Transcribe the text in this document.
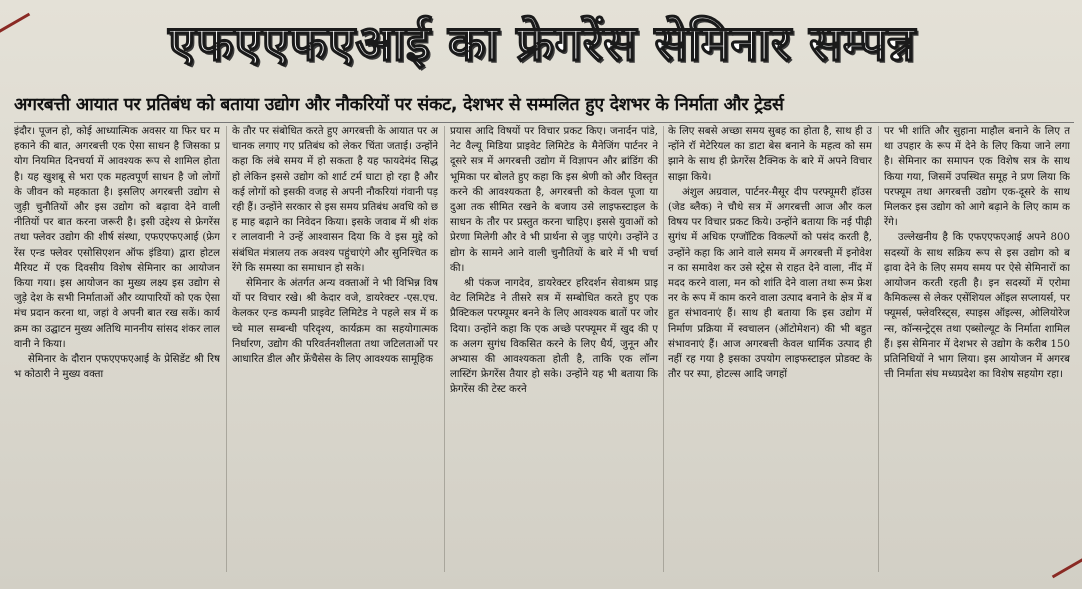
एफएएफएआई का फ्रेगरेंस सेमिनार सम्पन्न
अगरबत्ती आयात पर प्रतिबंध को बताया उद्योग और नौकरियों पर संकट, देशभर से सम्मलित हुए देशभर के निर्माता और ट्रेडर्स

इंदौर। पूजन हो, कोई आध्यात्मिक अवसर या फिर घर महकाने की बात, अगरबत्ती एक ऐसा साधन है जिसका प्रयोग नियमित दिनचर्या में आवश्यक रूप से शामिल होता है। यह खुशबू से भरा एक महत्वपूर्ण साधन है जो लोगों के जीवन को महकाता है। इसलिए अगरबत्ती उद्योग से जुड़ी चुनौतियों और इस उद्योग को बढ़ावा देने वाली नीतियों पर बात करना जरूरी है। इसी उद्देश्य से फ्रेगरेंस तथा फ्लेवर उद्योग की शीर्ष संस्था, एफएएफएआई (फ्रेगरेंस एन्ड फ्लेवर एसोसिएशन ऑफ इंडिया) द्वारा होटल मैरियट में एक दिवसीय विशेष सेमिनार का आयोजन किया गया। इस आयोजन का मुख्य लक्ष्य इस उद्योग से जुड़े देश के सभी निर्माताओं और व्यापारियों को एक ऐसा मंच प्रदान करना था, जहां वे अपनी बात रख सकें। कार्यक्रम का उद्घाटन मुख्य अतिथि माननीय सांसद शंकर लालवानी ने किया।

सेमिनार के दौरान एफएएफएआई के प्रेसिडेंट श्री रिषभ कोठारी ने मुख्य वक्ता

के तौर पर संबोधित करते हुए अगरबत्ती के आयात पर अचानक लगाए गए प्रतिबंध को लेकर चिंता जताई। उन्होंने कहा कि लंबे समय में हो सकता है यह फायदेमंद सिद्ध हो लेकिन इससे उद्योग को शार्ट टर्म घाटा हो रहा है और कई लोगों को इसकी वजह से अपनी नौकरियां गंवानी पड़ रही हैं। उन्होंने सरकार से इस समय प्रतिबंध अवधि को छह माह बढ़ाने का निवेदन किया। इसके जवाब में श्री शंकर लालवानी ने उन्हें आश्वासन दिया कि वे इस मुद्दे को संबंधित मंत्रालय तक अवश्य पहुंचाएंगे और सुनिश्चित करेंगे कि समस्या का समाधान हो सके।

सेमिनार के अंतर्गत अन्य वक्ताओं ने भी विभिन्न विषयों पर विचार रखे। श्री केदार वजे, डायरेक्टर -एस.एच. केलकर एन्ड कम्पनी प्राइवेट लिमिटेड ने पहले सत्र में कच्चे माल सम्बन्धी परिदृश्य, कार्यक्रम का सहयोगात्मक निर्धारण, उद्योग की परिवर्तनशीलता तथा जटिलताओं पर आधारित डील और फ्रेंचैसेस के लिए आवश्यक सामूहिक

प्रयास आदि विषयों पर विचार प्रकट किए। जनार्दन पांडे, नेट वैल्यू मिडिया प्राइवेट लिमिटेड के मैनेजिंग पार्टनर ने दूसरे सत्र में अगरबत्ती उद्योग में विज्ञापन और ब्रांडिंग की भूमिका पर बोलते हुए कहा कि इस श्रेणी को और विस्तृत करने की आवश्यकता है, अगरबत्ती को केवल पूजा या दुआ तक सीमित रखने के बजाय उसे लाइफस्टाइल के साधन के तौर पर प्रस्तुत करना चाहिए। इससे युवाओं को प्रेरणा मिलेगी और वे भी प्रार्थना से जुड़ पाएंगे। उन्होंने उद्योग के सामने आने वाली चुनौतियों के बारे में भी चर्चा की।

श्री पंकज नागदेव, डायरेक्टर हरिदर्शन सेवाश्रम प्राइवेट लिमिटेड ने तीसरे सत्र में सम्बोधित करते हुए एक प्रैक्टिकल परफ्यूमर बनने के लिए आवश्यक बातों पर जोर दिया। उन्होंने कहा कि एक अच्छे परफ्यूमर में खुद की एक अलग सुगंध विकसित करने के लिए धैर्य, जुनून और अभ्यास की आवश्यकता होती है, ताकि एक लॉन्ग लास्टिंग फ्रेगरेंस तैयार हो सके। उन्होंने यह भी बताया कि फ्रेगरेंस की टेस्ट करने

के लिए सबसे अच्छा समय सुबह का होता है, साथ ही उन्होंने रॉ मेटेरियल का डाटा बेस बनाने के महत्व को समझाने के साथ ही फ्रेगरेंस टैक्निक के बारे में अपने विचार साझा किये।

अंशुल अग्रवाल, पार्टनर-मैसूर दीप परफ्यूमरी हॉउस (जेड ब्लैक) ने चौथे सत्र में अगरबत्ती आज और कल विषय पर विचार प्रकट किये। उन्होंने बताया कि नई पीढ़ी सुगंध में अधिक एग्जॉटिक विकल्पों को पसंद करती है, उन्होंने कहा कि आने वाले समय में अगरबत्ती में इनोवेशन का समावेश कर उसे स्ट्रेस से राहत देने वाला, नींद में मदद करने वाला, मन को शांति देने वाला तथा रूम फ्रेशनर के रूप में काम करने वाला उत्पाद बनाने के क्षेत्र में बहुत संभावनाएं हैं। साथ ही बताया कि इस उद्योग में निर्माण प्रक्रिया में स्वचालन (ऑटोमेशन) की भी बहुत संभावनाएं हैं। आज अगरबत्ती केवल धार्मिक उत्पाद ही नहीं रह गया है इसका उपयोग लाइफस्टाइल प्रोडक्ट के तौर पर स्पा, होटल्स आदि जगहों

पर भी शांति और सुहाना माहौल बनाने के लिए तथा उपहार के रूप में देने के लिए किया जाने लगा है। सेमिनार का समापन एक विशेष सत्र के साथ किया गया, जिसमें उपस्थित समूह ने प्रण लिया कि परफ्यूम तथा अगरबत्ती उद्योग एक-दूसरे के साथ मिलकर इस उद्योग को आगे बढ़ाने के लिए काम करेंगे।

उल्लेखनीय है कि एफएएफएआई अपने 800 सदस्यों के साथ सक्रिय रूप से इस उद्योग को बढ़ावा देने के लिए समय समय पर ऐसे सेमिनारों का आयोजन करती रहती है। इन सदस्यों में एरोमा कैमिकल्स से लेकर एसेंशियल ऑइल सप्लायर्स, परफ्यूमर्स, फ्लेवरिस्ट्स, स्पाइस ऑइल्स, ओलियोरेजन्स, कॉन्सन्ट्रेट्स तथा एब्सोल्यूट के निर्माता शामिल हैं। इस सेमिनार में देशभर से उद्योग के करीब 150 प्रतिनिधियों ने भाग लिया। इस आयोजन में अगरबत्ती निर्माता संघ मध्यप्रदेश का विशेष सहयोग रहा।
